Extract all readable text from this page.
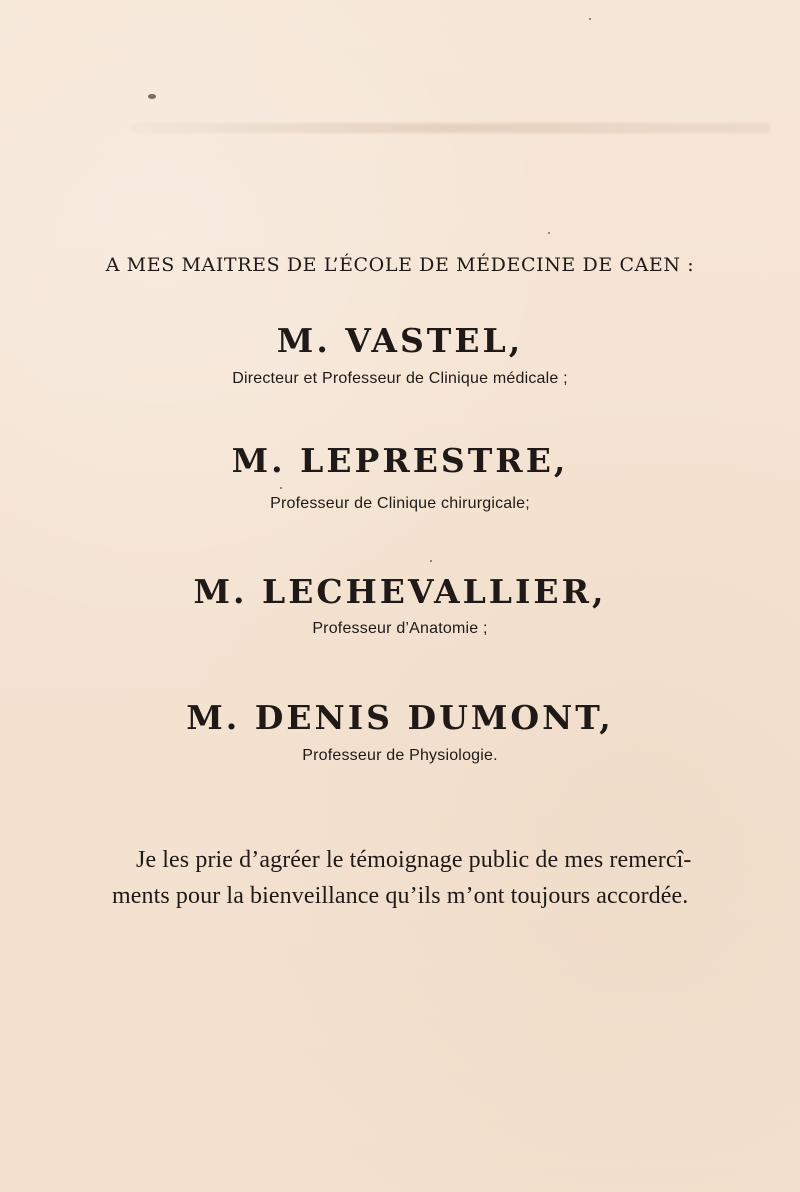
A MES MAITRES DE L’ÉCOLE DE MÉDECINE DE CAEN :
M. VASTEL,
Directeur et Professeur de Clinique médicale ;
M. LEPRESTRE,
Professeur de Clinique chirurgicale;
M. LECHEVALLIER,
Professeur d’Anatomie ;
M. DENIS DUMONT,
Professeur de Physiologie.
Je les prie d’agréer le témoignage public de mes remercî-
ments pour la bienveillance qu’ils m’ont toujours accordée.
